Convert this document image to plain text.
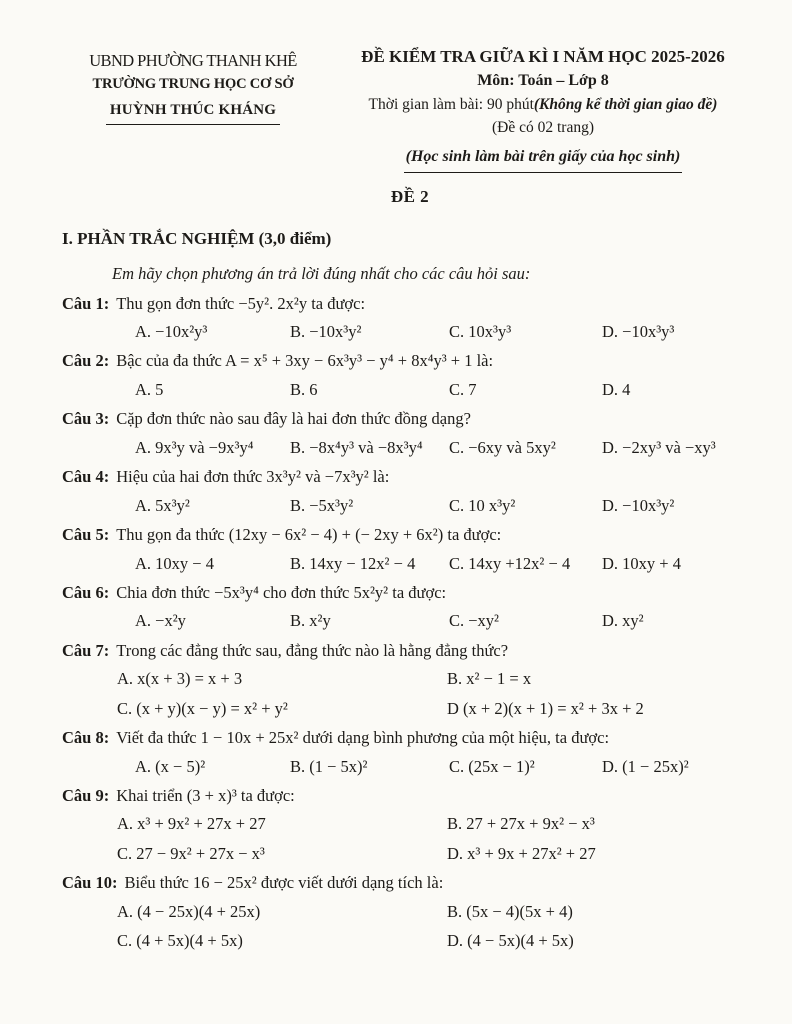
UBND PHƯỜNG THANH KHÊ
TRƯỜNG TRUNG HỌC CƠ SỞ
HUỲNH THÚC KHÁNG
ĐỀ KIỂM TRA GIỮA KÌ I NĂM HỌC 2025-2026
Môn: Toán – Lớp 8
Thời gian làm bài: 90 phút(Không kể thời gian giao đề)
(Đề có 02 trang)
(Học sinh làm bài trên giấy của học sinh)
ĐỀ 2
I. PHẦN TRẮC NGHIỆM (3,0 điểm)
Em hãy chọn phương án trả lời đúng nhất cho các câu hỏi sau:
Câu 1: Thu gọn đơn thức −5y². 2x²y ta được:
A. −10x²y³	B. −10x³y²	C. 10x³y³	D. −10x³y³
Câu 2: Bậc của đa thức A = x⁵ + 3xy − 6x³y³ − y⁴ + 8x⁴y³ + 1 là:
A. 5	B. 6	C. 7	D. 4
Câu 3: Cặp đơn thức nào sau đây là hai đơn thức đồng dạng?
A. 9x³y và −9x³y⁴	B. −8x⁴y³ và −8x³y⁴	C. −6xy và 5xy²	D. −2xy³ và −xy³
Câu 4: Hiệu của hai đơn thức 3x³y² và −7x³y² là:
A. 5x³y²	B. −5x³y²	C. 10 x³y²	D. −10x³y²
Câu 5: Thu gọn đa thức (12xy − 6x² − 4) + (− 2xy + 6x²) ta được:
A. 10xy − 4	B. 14xy − 12x² − 4	C. 14xy +12x² − 4	D. 10xy + 4
Câu 6: Chia đơn thức −5x³y⁴ cho đơn thức 5x²y² ta được:
A. −x²y	B. x²y	C. −xy²	D. xy²
Câu 7: Trong các đẳng thức sau, đẳng thức nào là hằng đẳng thức?
A. x(x + 3) = x + 3	B. x² − 1 = x
C. (x + y)(x − y) = x² + y²	D (x + 2)(x + 1) = x² + 3x + 2
Câu 8: Viết đa thức 1 − 10x + 25x² dưới dạng bình phương của một hiệu, ta được:
A. (x − 5)²	B. (1 − 5x)²	C. (25x − 1)²	D. (1 − 25x)²
Câu 9: Khai triển (3 + x)³ ta được:
A. x³ + 9x² + 27x + 27	B. 27 + 27x + 9x² − x³
C. 27 − 9x² + 27x − x³	D. x³ + 9x + 27x² + 27
Câu 10: Biểu thức 16 − 25x² được viết dưới dạng tích là:
A. (4 − 25x)(4 + 25x)	B. (5x − 4)(5x + 4)
C. (4 + 5x)(4 + 5x)	D. (4 − 5x)(4 + 5x)
